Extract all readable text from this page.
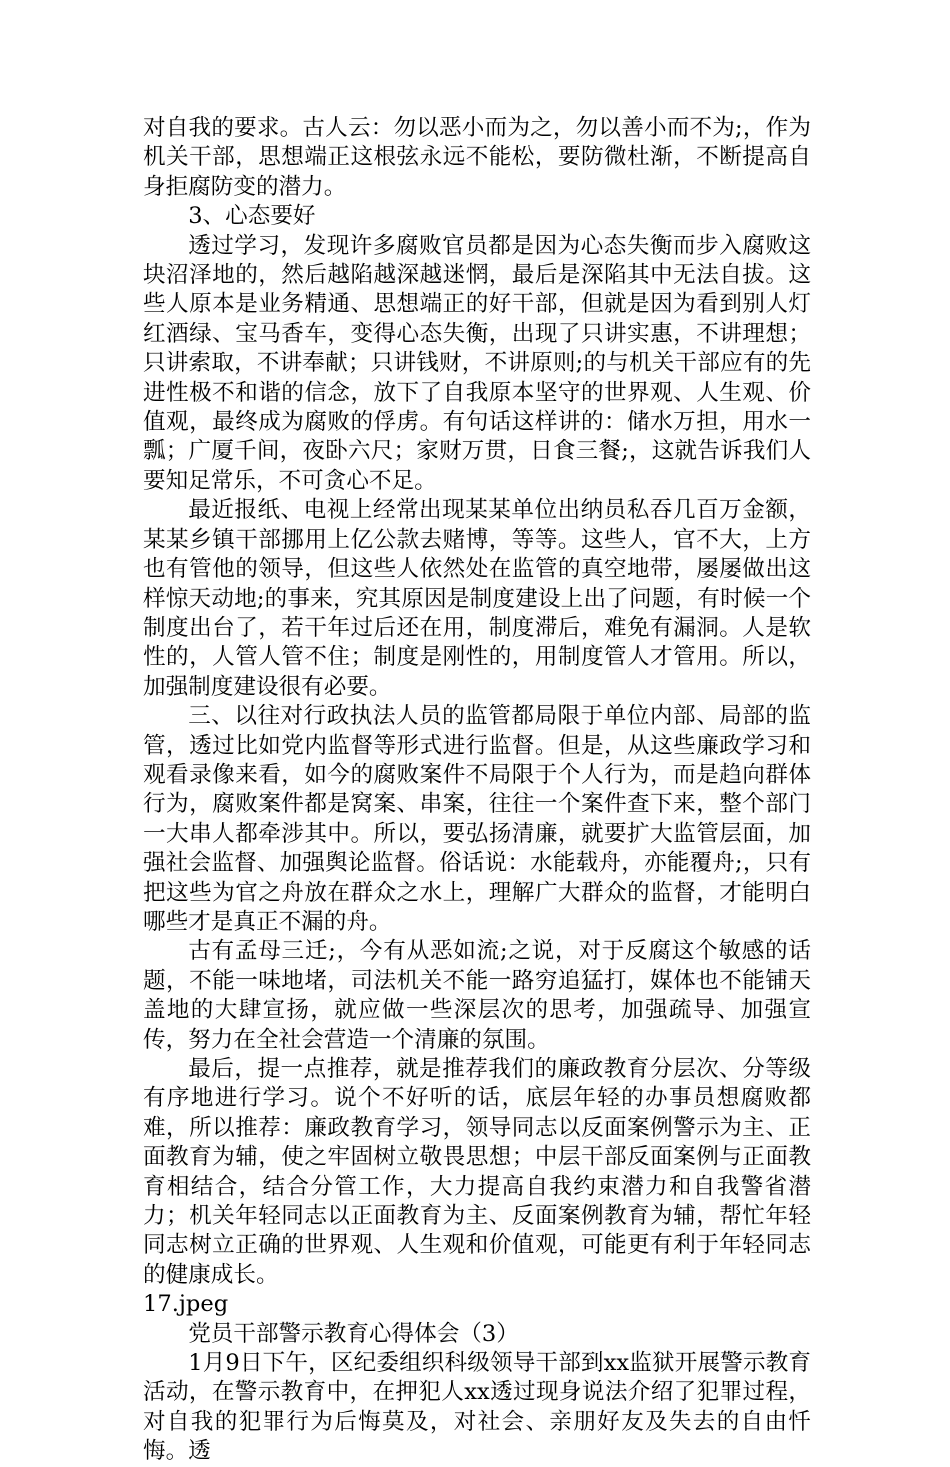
对自我的要求。古人云：勿以恶小而为之，勿以善小而不为;，作为机关干部，思想端正这根弦永远不能松，要防微杜渐，不断提高自身拒腐防变的潜力。

3、心态要好

透过学习，发现许多腐败官员都是因为心态失衡而步入腐败这块沼泽地的，然后越陷越深越迷惘，最后是深陷其中无法自拔。这些人原本是业务精通、思想端正的好干部，但就是因为看到别人灯红酒绿、宝马香车，变得心态失衡，出现了只讲实惠，不讲理想；只讲索取，不讲奉献；只讲钱财，不讲原则;的与机关干部应有的先进性极不和谐的信念，放下了自我原本坚守的世界观、人生观、价值观，最终成为腐败的俘虏。有句话这样讲的：储水万担，用水一瓢；广厦千间，夜卧六尺；家财万贯，日食三餐;，这就告诉我们人要知足常乐，不可贪心不足。

最近报纸、电视上经常出现某某单位出纳员私吞几百万金额，某某乡镇干部挪用上亿公款去赌博，等等。这些人，官不大，上方也有管他的领导，但这些人依然处在监管的真空地带，屡屡做出这样惊天动地;的事来，究其原因是制度建设上出了问题，有时候一个制度出台了，若干年过后还在用，制度滞后，难免有漏洞。人是软性的，人管人管不住；制度是刚性的，用制度管人才管用。所以，加强制度建设很有必要。

三、以往对行政执法人员的监管都局限于单位内部、局部的监管，透过比如党内监督等形式进行监督。但是，从这些廉政学习和观看录像来看，如今的腐败案件不局限于个人行为，而是趋向群体行为，腐败案件都是窝案、串案，往往一个案件查下来，整个部门一大串人都牵涉其中。所以，要弘扬清廉，就要扩大监管层面，加强社会监督、加强舆论监督。俗话说：水能载舟，亦能覆舟;，只有把这些为官之舟放在群众之水上，理解广大群众的监督，才能明白哪些才是真正不漏的舟。

古有孟母三迁;，今有从恶如流;之说，对于反腐这个敏感的话题，不能一味地堵，司法机关不能一路穷追猛打，媒体也不能铺天盖地的大肆宣扬，就应做一些深层次的思考，加强疏导、加强宣传，努力在全社会营造一个清廉的氛围。

最后，提一点推荐，就是推荐我们的廉政教育分层次、分等级有序地进行学习。说个不好听的话，底层年轻的办事员想腐败都难，所以推荐：廉政教育学习，领导同志以反面案例警示为主、正面教育为辅，使之牢固树立敬畏思想；中层干部反面案例与正面教育相结合，结合分管工作，大力提高自我约束潜力和自我警省潜力；机关年轻同志以正面教育为主、反面案例教育为辅，帮忙年轻同志树立正确的世界观、人生观和价值观，可能更有利于年轻同志的健康成长。

17.jpeg

党员干部警示教育心得体会（3）

1月9日下午，区纪委组织科级领导干部到xx监狱开展警示教育活动，在警示教育中，在押犯人xx透过现身说法介绍了犯罪过程，对自我的犯罪行为后悔莫及，对社会、亲朋好友及失去的自由忏悔。透
